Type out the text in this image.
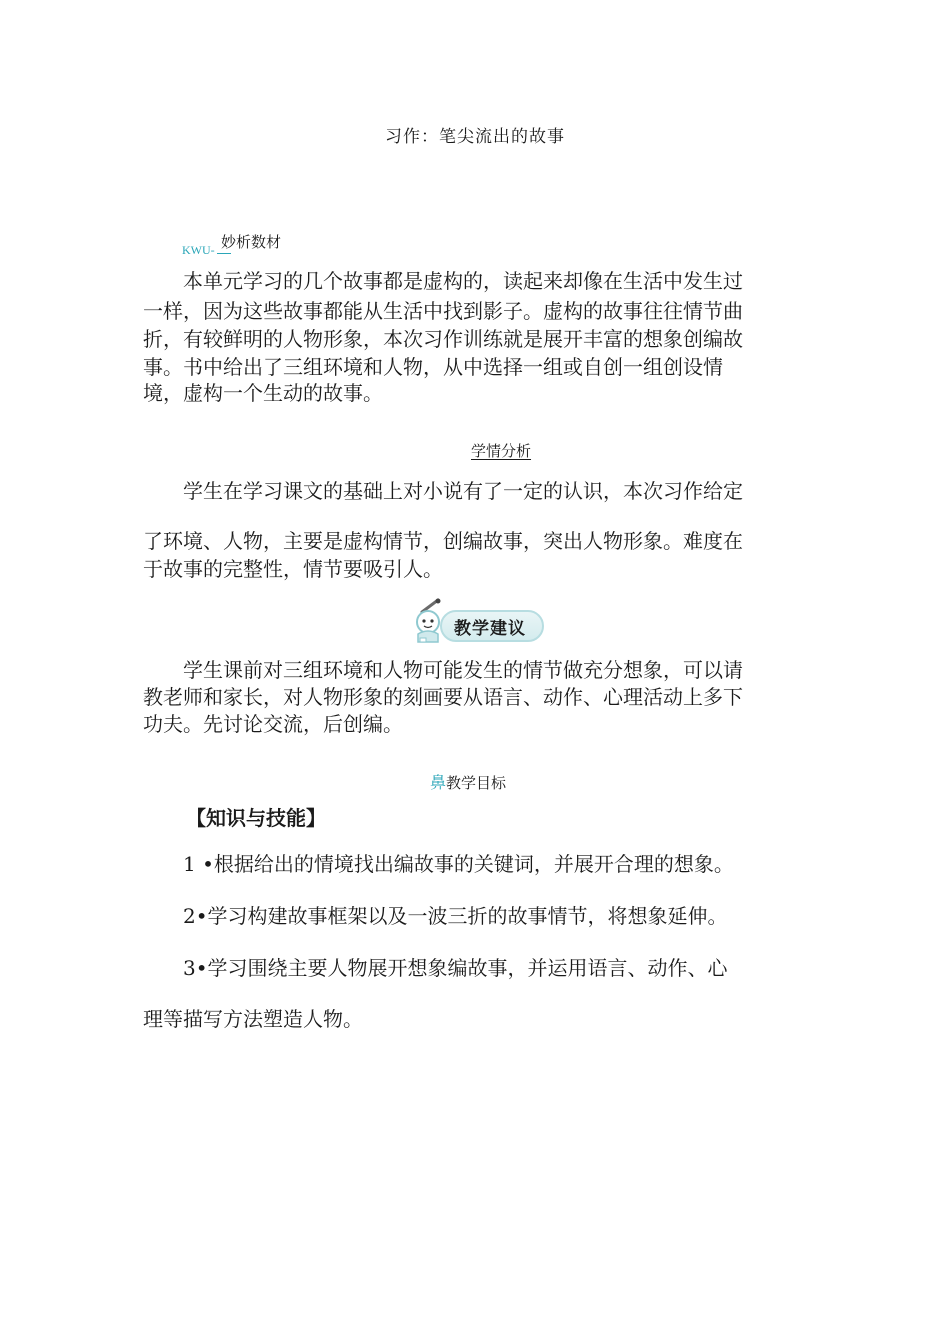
习作：笔尖流出的故事
KWU- 妙析数材
本单元学习的几个故事都是虚构的，读起来却像在生活中发生过
一样，因为这些故事都能从生活中找到影子。虚构的故事往往情节曲
折，有较鲜明的人物形象，本次习作训练就是展开丰富的想象创编故
事。书中给出了三组环境和人物，从中选择一组或自创一组创设情
境，虚构一个生动的故事。
学情分析
学生在学习课文的基础上对小说有了一定的认识，本次习作给定
了环境、人物，主要是虚构情节，创编故事，突出人物形象。难度在
于故事的完整性，情节要吸引人。
教学建议
学生课前对三组环境和人物可能发生的情节做充分想象，可以请
教老师和家长，对人物形象的刻画要从语言、动作、心理活动上多下
功夫。先讨论交流，后创编。
鼻教学目标
【知识与技能】
1 •根据给出的情境找出编故事的关键词，并展开合理的想象。
2•学习构建故事框架以及一波三折的故事情节，将想象延伸。
3•学习围绕主要人物展开想象编故事，并运用语言、动作、心
理等描写方法塑造人物。
